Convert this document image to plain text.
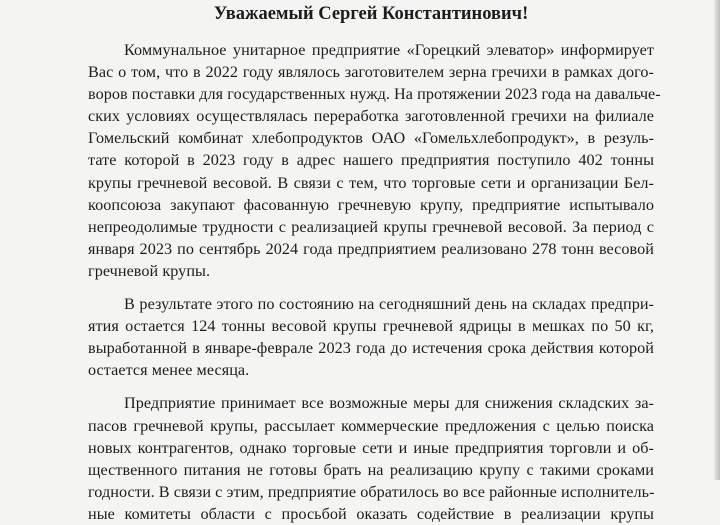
Уважаемый Сергей Константинович!
Коммунальное унитарное предприятие «Горецкий элеватор» информирует
Вас о том, что в 2022 году являлось заготовителем зерна гречихи в рамках дого-
воров поставки для государственных нужд. На протяжении 2023 года на давальче-
ских условиях осуществлялась переработка заготовленной гречихи на филиале
Гомельский комбинат хлебопродуктов ОАО «Гомельхлебопродукт», в резуль-
тате которой в 2023 году в адрес нашего предприятия поступило 402 тонны
крупы гречневой весовой. В связи с тем, что торговые сети и организации Бел-
коопсоюза закупают фасованную гречневую крупу, предприятие испытывало
непреодолимые трудности с реализацией крупы гречневой весовой. За период с
января 2023 по сентябрь 2024 года предприятием реализовано 278 тонн весовой
гречневой крупы.
В результате этого по состоянию на сегодняшний день на складах предпри-
ятия остается 124 тонны весовой крупы гречневой ядрицы в мешках по 50 кг,
выработанной в январе-феврале 2023 года до истечения срока действия которой
остается менее месяца.
Предприятие принимает все возможные меры для снижения складских за-
пасов гречневой крупы, рассылает коммерческие предложения с целью поиска
новых контрагентов, однако торговые сети и иные предприятия торговли и об-
щественного питания не готовы брать на реализацию крупу с такими сроками
годности. В связи с этим, предприятие обратилось во все районные исполнитель-
ные комитеты области с просьбой оказать содействие в реализации крупы
